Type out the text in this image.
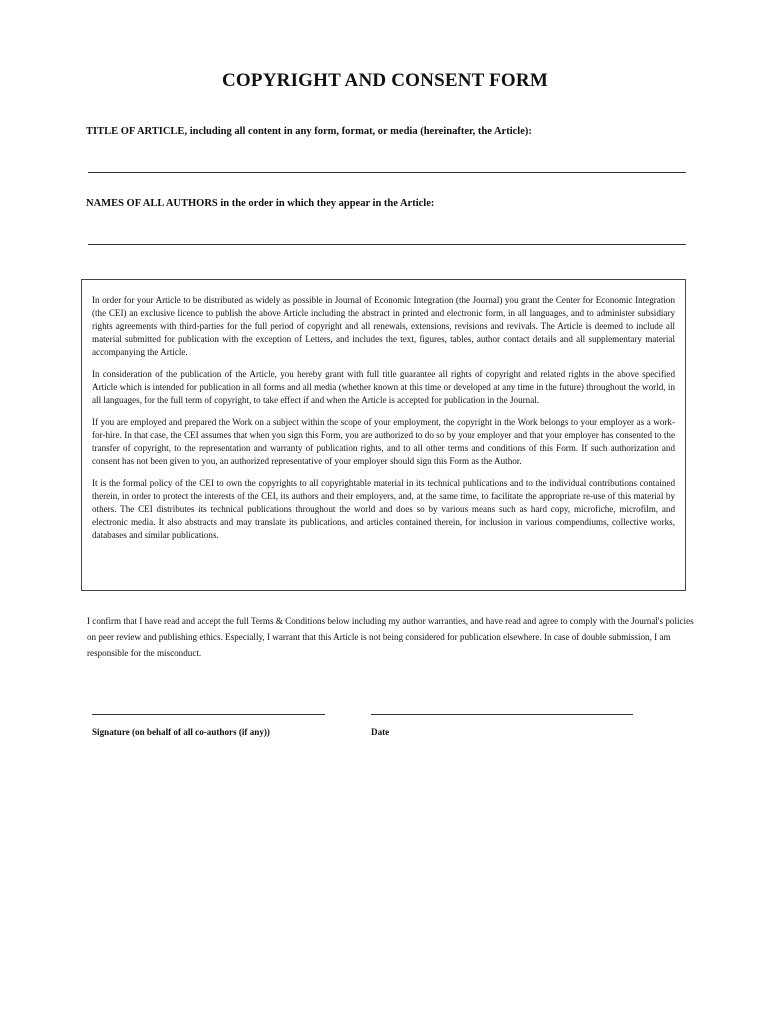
COPYRIGHT AND CONSENT FORM
TITLE OF ARTICLE, including all content in any form, format, or media (hereinafter, the Article):
NAMES OF ALL AUTHORS in the order in which they appear in the Article:

In order for your Article to be distributed as widely as possible in Journal of Economic Integration (the Journal) you grant the Center for Economic Integration (the CEI) an exclusive licence to publish the above Article including the abstract in printed and electronic form, in all languages, and to administer subsidiary rights agreements with third-parties for the full period of copyright and all renewals, extensions, revisions and revivals. The Article is deemed to include all material submitted for publication with the exception of Letters, and includes the text, figures, tables, author contact details and all supplementary material accompanying the Article.

In consideration of the publication of the Article, you hereby grant with full title guarantee all rights of copyright and related rights in the above specified Article which is intended for publication in all forms and all media (whether known at this time or developed at any time in the future) throughout the world, in all languages, for the full term of copyright, to take effect if and when the Article is accepted for publication in the Journal.

If you are employed and prepared the Work on a subject within the scope of your employment, the copyright in the Work belongs to your employer as a work-for-hire. In that case, the CEI assumes that when you sign this Form, you are authorized to do so by your employer and that your employer has consented to the transfer of copyright, to the representation and warranty of publication rights, and to all other terms and conditions of this Form. If such authorization and consent has not been given to you, an authorized representative of your employer should sign this Form as the Author.

It is the formal policy of the CEI to own the copyrights to all copyrightable material in its technical publications and to the individual contributions contained therein, in order to protect the interests of the CEI, its authors and their employers, and, at the same time, to facilitate the appropriate re-use of this material by others. The CEI distributes its technical publications throughout the world and does so by various means such as hard copy, microfiche, microfilm, and electronic media. It also abstracts and may translate its publications, and articles contained therein, for inclusion in various compendiums, collective works, databases and similar publications.

I confirm that I have read and accept the full Terms & Conditions below including my author warranties, and have read and agree to comply with the Journal's policies on peer review and publishing ethics. Especially, I warrant that this Article is not being considered for publication elsewhere. In case of double submission, I am responsible for the misconduct.
Signature (on behalf of all co-authors (if any))	Date
